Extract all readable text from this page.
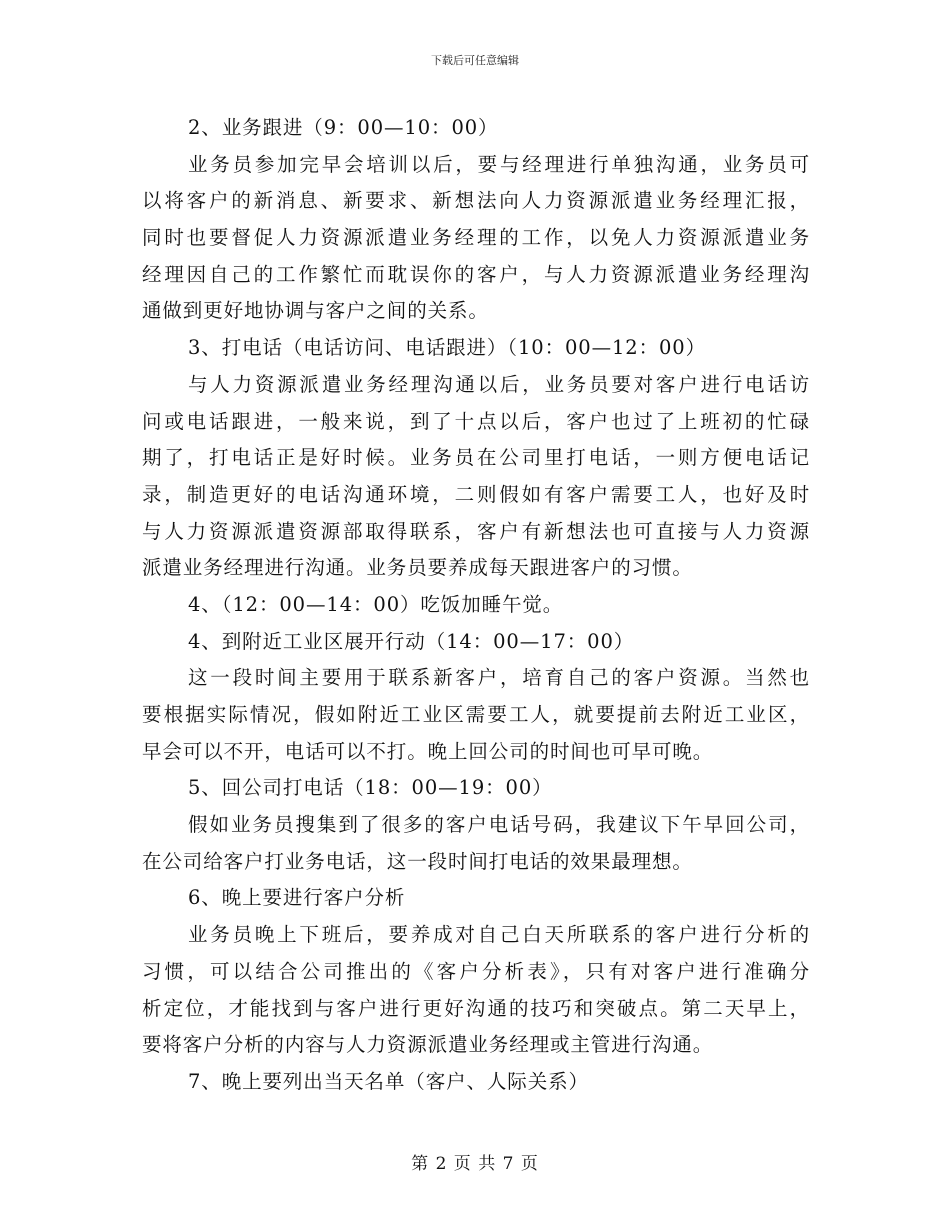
下载后可任意编辑
2、业务跟进（9：00—10：00）
业务员参加完早会培训以后，要与经理进行单独沟通，业务员可
以将客户的新消息、新要求、新想法向人力资源派遣业务经理汇报，
同时也要督促人力资源派遣业务经理的工作，以免人力资源派遣业务
经理因自己的工作繁忙而耽误你的客户，与人力资源派遣业务经理沟
通做到更好地协调与客户之间的关系。
3、打电话（电话访问、电话跟进）（10：00—12：00）
与人力资源派遣业务经理沟通以后，业务员要对客户进行电话访
问或电话跟进，一般来说，到了十点以后，客户也过了上班初的忙碌
期了，打电话正是好时候。业务员在公司里打电话，一则方便电话记
录，制造更好的电话沟通环境，二则假如有客户需要工人，也好及时
与人力资源派遣资源部取得联系，客户有新想法也可直接与人力资源
派遣业务经理进行沟通。业务员要养成每天跟进客户的习惯。
4、（12：00—14：00）吃饭加睡午觉。
4、到附近工业区展开行动（14：00—17：00）
这一段时间主要用于联系新客户，培育自己的客户资源。当然也
要根据实际情况，假如附近工业区需要工人，就要提前去附近工业区，
早会可以不开，电话可以不打。晚上回公司的时间也可早可晚。
5、回公司打电话（18：00—19：00）
假如业务员搜集到了很多的客户电话号码，我建议下午早回公司，
在公司给客户打业务电话，这一段时间打电话的效果最理想。
6、晚上要进行客户分析
业务员晚上下班后，要养成对自己白天所联系的客户进行分析的
习惯，可以结合公司推出的《客户分析表》，只有对客户进行准确分
析定位，才能找到与客户进行更好沟通的技巧和突破点。第二天早上，
要将客户分析的内容与人力资源派遣业务经理或主管进行沟通。
7、晚上要列出当天名单（客户、人际关系）
第 2 页 共 7 页
